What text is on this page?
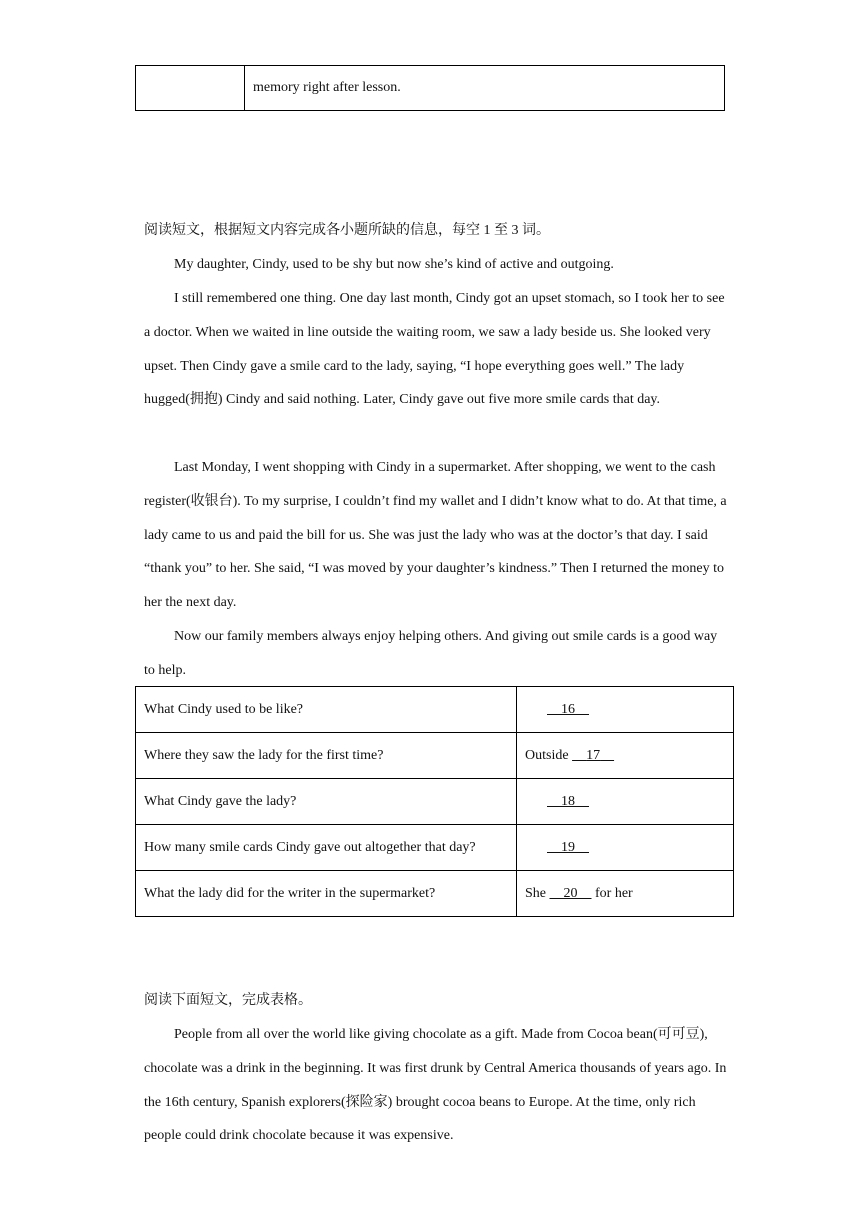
	memory right after lesson.

阅读短文，根据短文内容完成各小题所缺的信息，每空 1 至 3 词。

My daughter, Cindy, used to be shy but now she’s kind of active and outgoing.

I still remembered one thing. One day last month, Cindy got an upset stomach, so I took her to see a doctor. When we waited in line outside the waiting room, we saw a lady beside us. She looked very upset. Then Cindy gave a smile card to the lady, saying, “I hope everything goes well.” The lady hugged(拥抱) Cindy and said nothing. Later, Cindy gave out five more smile cards that day.

Last Monday, I went shopping with Cindy in a supermarket. After shopping, we went to the cash register(收银台). To my surprise, I couldn’t find my wallet and I didn’t know what to do. At that time, a lady came to us and paid the bill for us. She was just the lady who was at the doctor’s that day. I said “thank you” to her. She said, “I was moved by your daughter’s kindness.” Then I returned the money to her the next day.

Now our family members always enjoy helping others. And giving out smile cards is a good way to help.

What Cindy used to be like?	16
Where they saw the lady for the first time?	Outside     17
What Cindy gave the lady?	18
How many smile cards Cindy gave out altogether that day?	19
What the lady did for the writer in the supermarket?	She     20     for her

阅读下面短文，完成表格。

People from all over the world like giving chocolate as a gift. Made from Cocoa bean(可可豆), chocolate was a drink in the beginning. It was first drunk by Central America thousands of years ago. In the 16th century, Spanish explorers(探险家) brought cocoa beans to Europe. At the time, only rich people could drink chocolate because it was expensive.
